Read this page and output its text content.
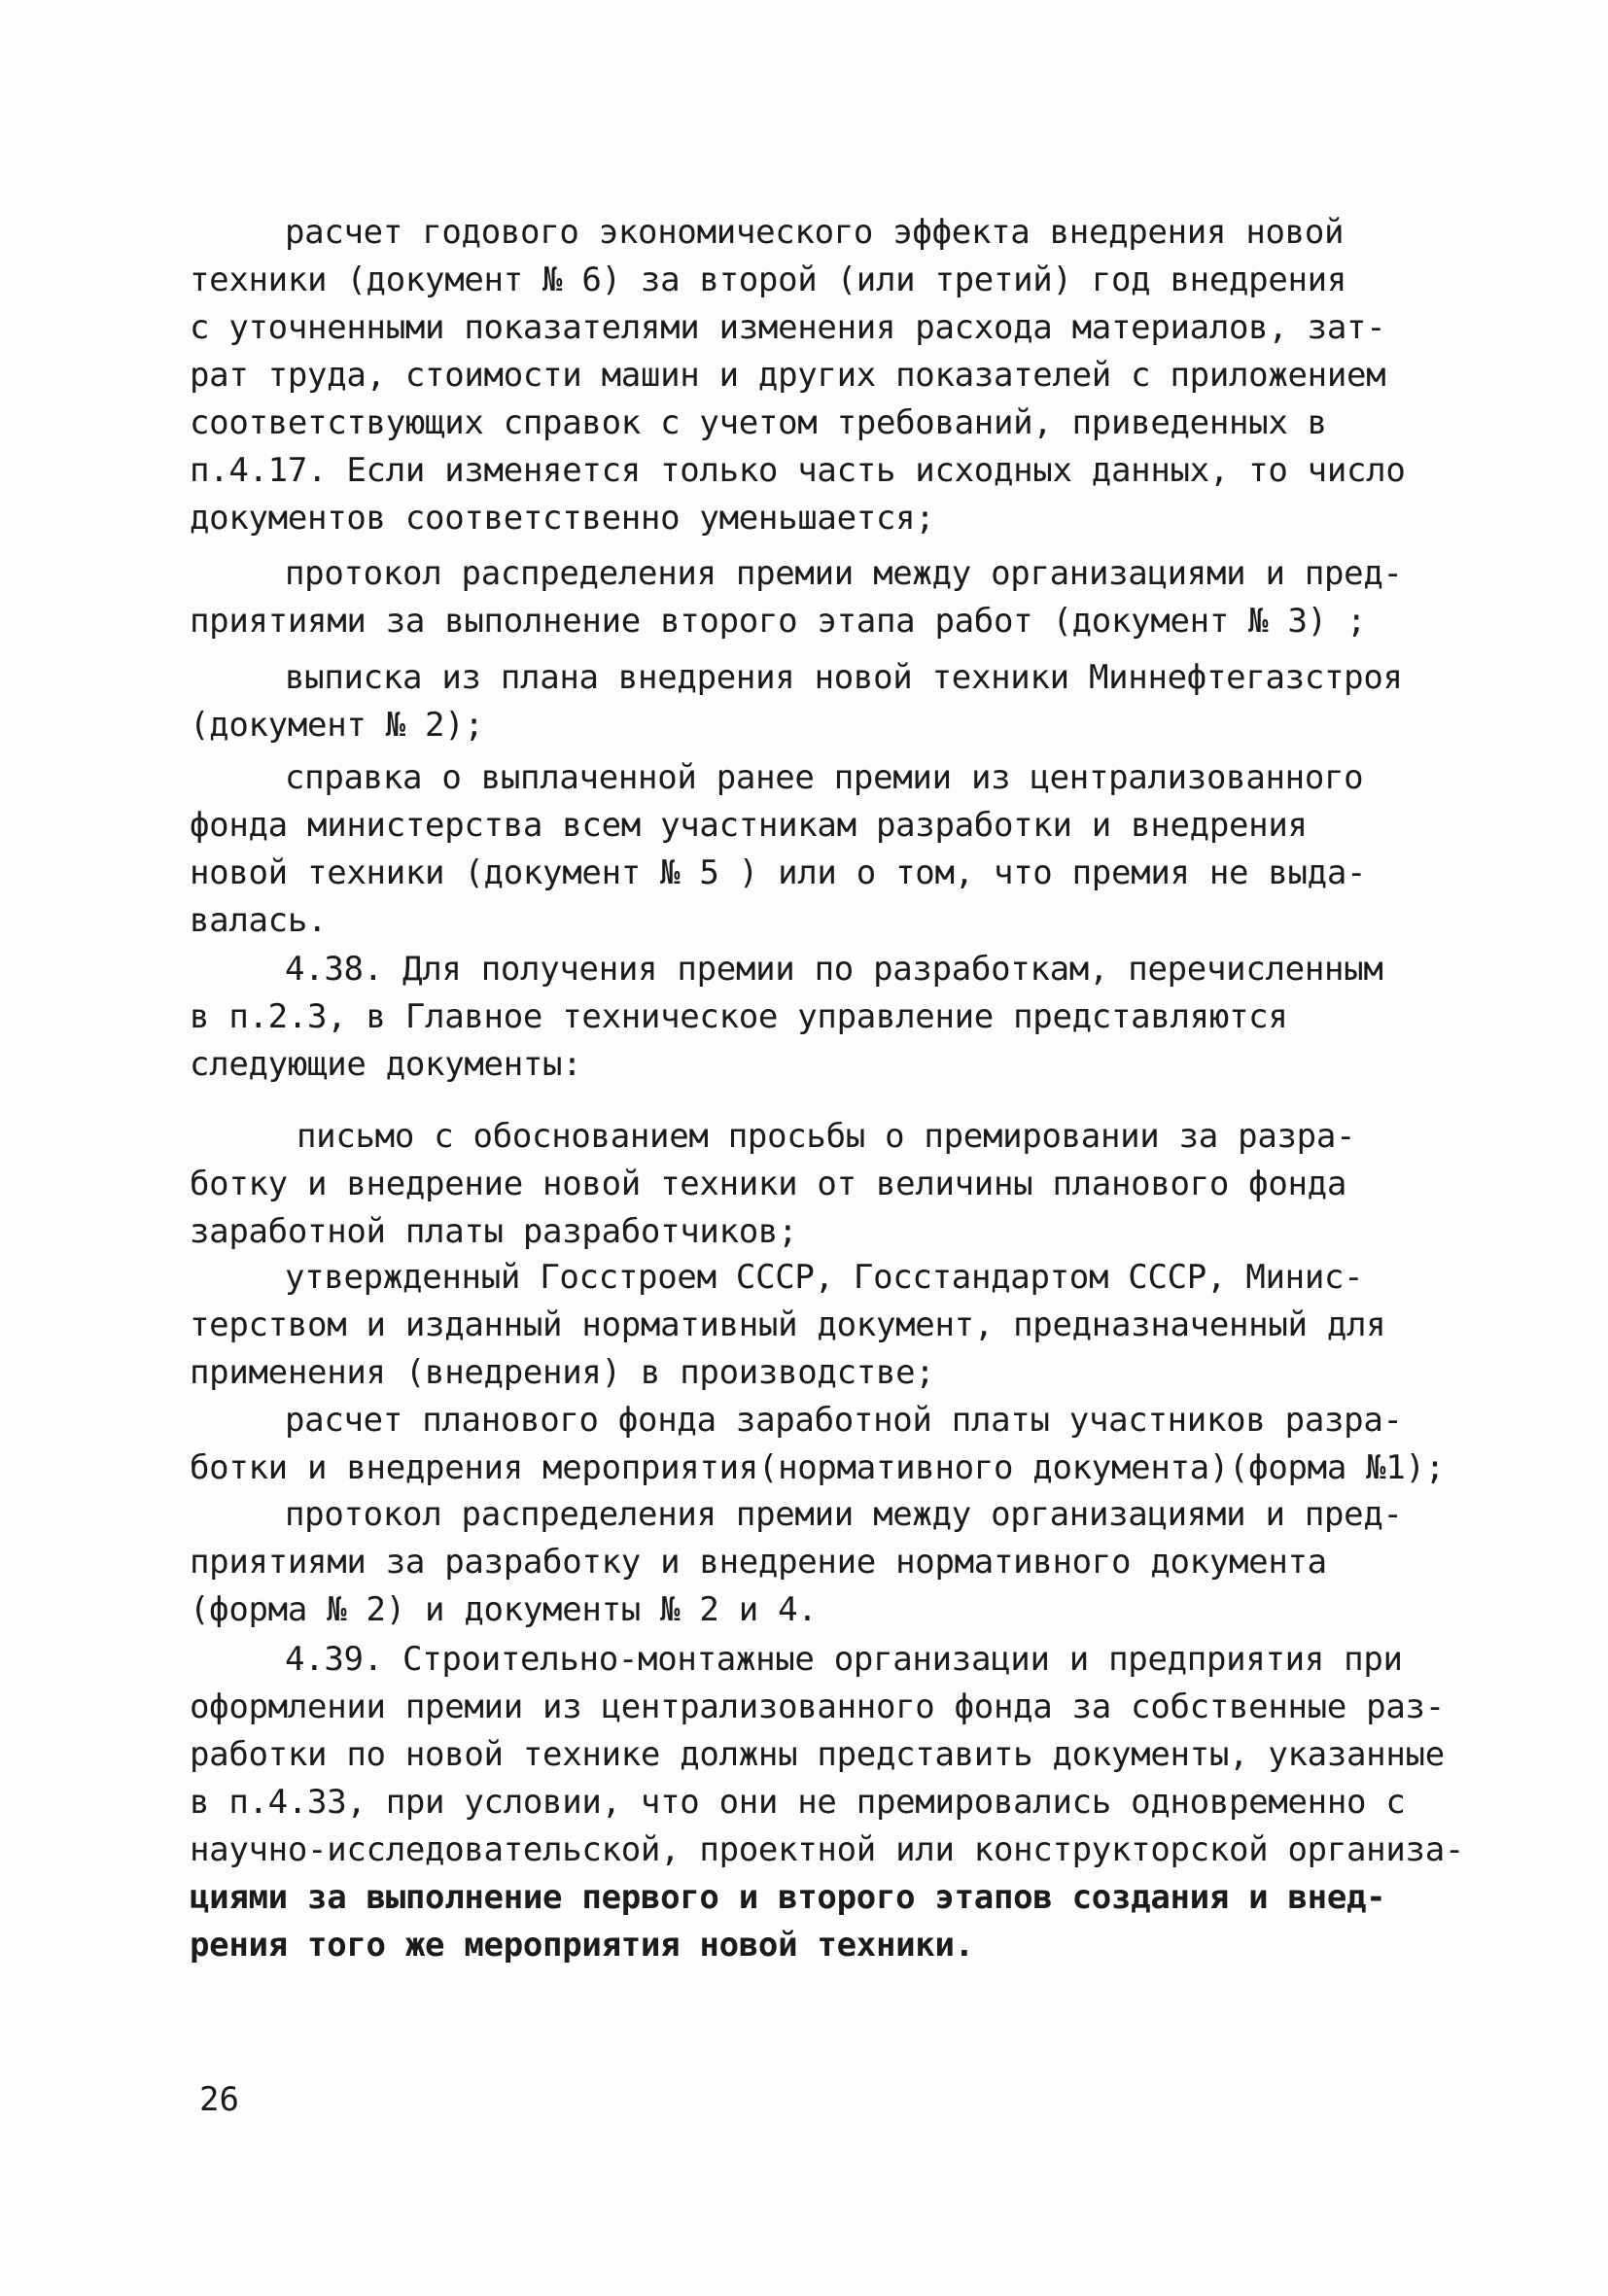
расчет годового экономического эффекта внедрения новой
техники (документ № 6) за второй (или третий) год внедрения
с уточненными показателями изменения расхода материалов, зат-
рат труда, стоимости машин и других показателей с приложением
соответствующих справок с учетом требований, приведенных в
п.4.17. Если изменяется только часть исходных данных, то число
документов соответственно уменьшается;
протокол распределения премии между организациями и пред-
приятиями за выполнение второго этапа работ (документ № 3) ;
выписка из плана внедрения новой техники Миннефтегазстроя
(документ № 2);
справка о выплаченной ранее премии из централизованного
фонда министерства всем участникам разработки и внедрения
новой техники (документ № 5 ) или о том, что премия не выда-
валась.
4.38. Для получения премии по разработкам, перечисленным
в п.2.3, в Главное техническое управление представляются
следующие документы:
письмо с обоснованием просьбы о премировании за разра-
ботку и внедрение новой техники от величины планового фонда
заработной платы разработчиков;
утвержденный Госстроем СССР, Госстандартом СССР, Минис-
терством и изданный нормативный документ, предназначенный для
применения (внедрения) в производстве;
расчет планового фонда заработной платы участников разра-
ботки и внедрения мероприятия(нормативного документа)(форма №1);
протокол распределения премии между организациями и пред-
приятиями за разработку и внедрение нормативного документа
(форма № 2) и документы № 2 и 4.
4.39. Строительно-монтажные организации и предприятия при
оформлении премии из централизованного фонда за собственные раз-
работки по новой технике должны представить документы, указанные
в п.4.33, при условии, что они не премировались одновременно с
научно-исследовательской, проектной или конструкторской организа-
циями за выполнение первого и второго этапов создания и внед-
рения того же мероприятия новой техники.
26
